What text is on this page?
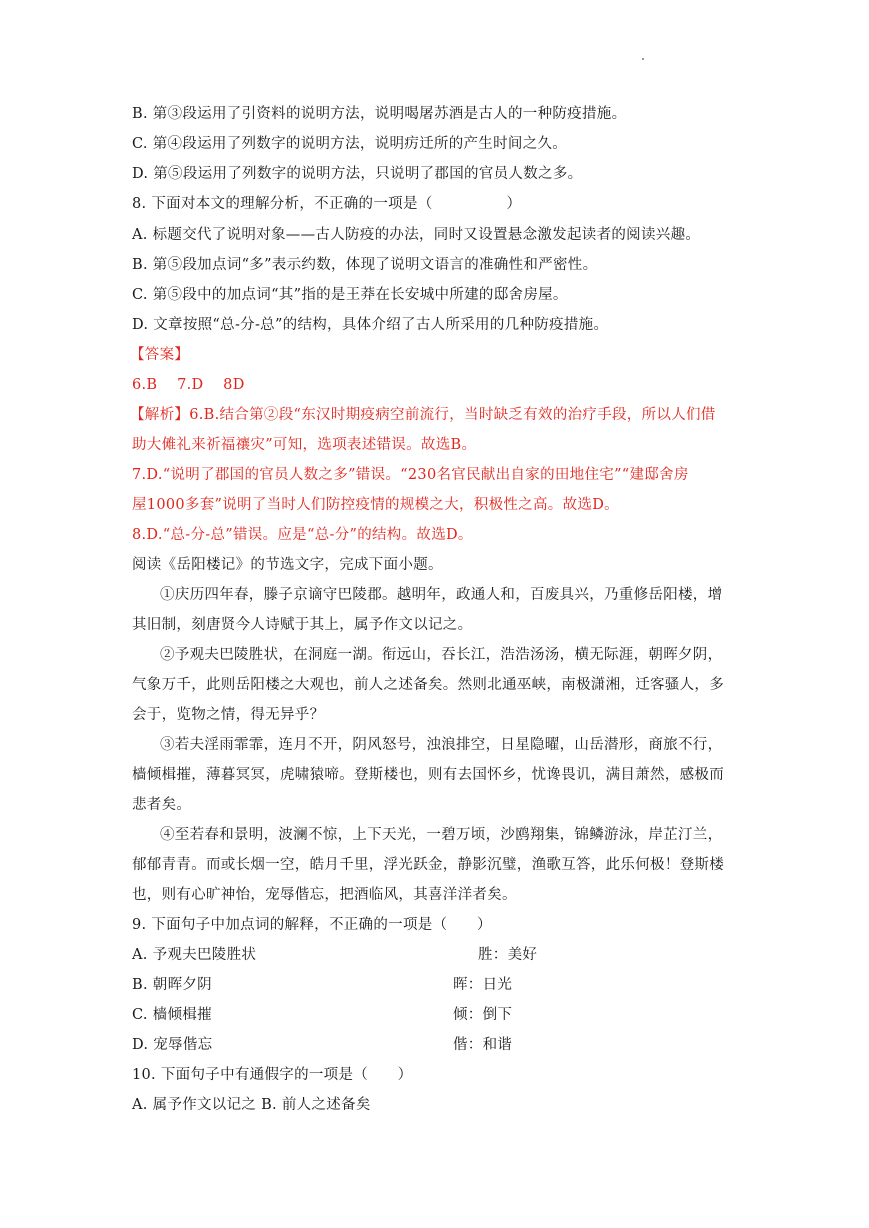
B. 第③段运用了引资料的说明方法，说明喝屠苏酒是古人的一种防疫措施。
C. 第④段运用了列数字的说明方法，说明疠迁所的产生时间之久。
D. 第⑤段运用了列数字的说明方法，只说明了郡国的官员人数之多。
8. 下面对本文的理解分析，不正确的一项是（　　　　　）
A. 标题交代了说明对象——古人防疫的办法，同时又设置悬念激发起读者的阅读兴趣。
B. 第⑤段加点词“多”表示约数，体现了说明文语言的准确性和严密性。
C. 第⑤段中的加点词“其”指的是王莽在长安城中所建的邸舍房屋。
D. 文章按照“总-分-总”的结构，具体介绍了古人所采用的几种防疫措施。
【答案】
6.B　 7.D　 8D
【解析】6.B.结合第②段“东汉时期疫病空前流行，当时缺乏有效的治疗手段，所以人们借
助大傩礼来祈福禳灾”可知，选项表述错误。故选B。
7.D.“说明了郡国的官员人数之多”错误。“230名官民献出自家的田地住宅”“建邸舍房
屋1000多套”说明了当时人们防控疫情的规模之大，积极性之高。故选D。
8.D.“总-分-总”错误。应是“总-分”的结构。故选D。
阅读《岳阳楼记》的节选文字，完成下面小题。
①庆历四年春，滕子京谪守巴陵郡。越明年，政通人和，百废具兴，乃重修岳阳楼，增
其旧制，刻唐贤今人诗赋于其上，属予作文以记之。
②予观夫巴陵胜状，在洞庭一湖。衔远山，吞长江，浩浩汤汤，横无际涯，朝晖夕阴，
气象万千，此则岳阳楼之大观也，前人之述备矣。然则北通巫峡，南极潇湘，迁客骚人，多
会于，览物之情，得无异乎？
③若夫淫雨霏霏，连月不开，阴风怒号，浊浪排空，日星隐曜，山岳潜形，商旅不行，
樯倾楫摧，薄暮冥冥，虎啸猿啼。登斯楼也，则有去国怀乡，忧谗畏讥，满目萧然，感极而
悲者矣。
④至若春和景明，波澜不惊，上下天光，一碧万顷，沙鸥翔集，锦鳞游泳，岸芷汀兰，
郁郁青青。而或长烟一空，皓月千里，浮光跃金，静影沉璧，渔歌互答，此乐何极！登斯楼
也，则有心旷神怡，宠辱偕忘，把酒临风，其喜洋洋者矣。
9. 下面句子中加点词的解释，不正确的一项是（　　）
A. 予观夫巴陵胜状	胜：美好
B. 朝晖夕阴	晖：日光
C. 樯倾楫摧	倾：倒下
D. 宠辱偕忘	偕：和谐
10. 下面句子中有通假字的一项是（　　）
A. 属予作文以记之 B. 前人之述备矣
